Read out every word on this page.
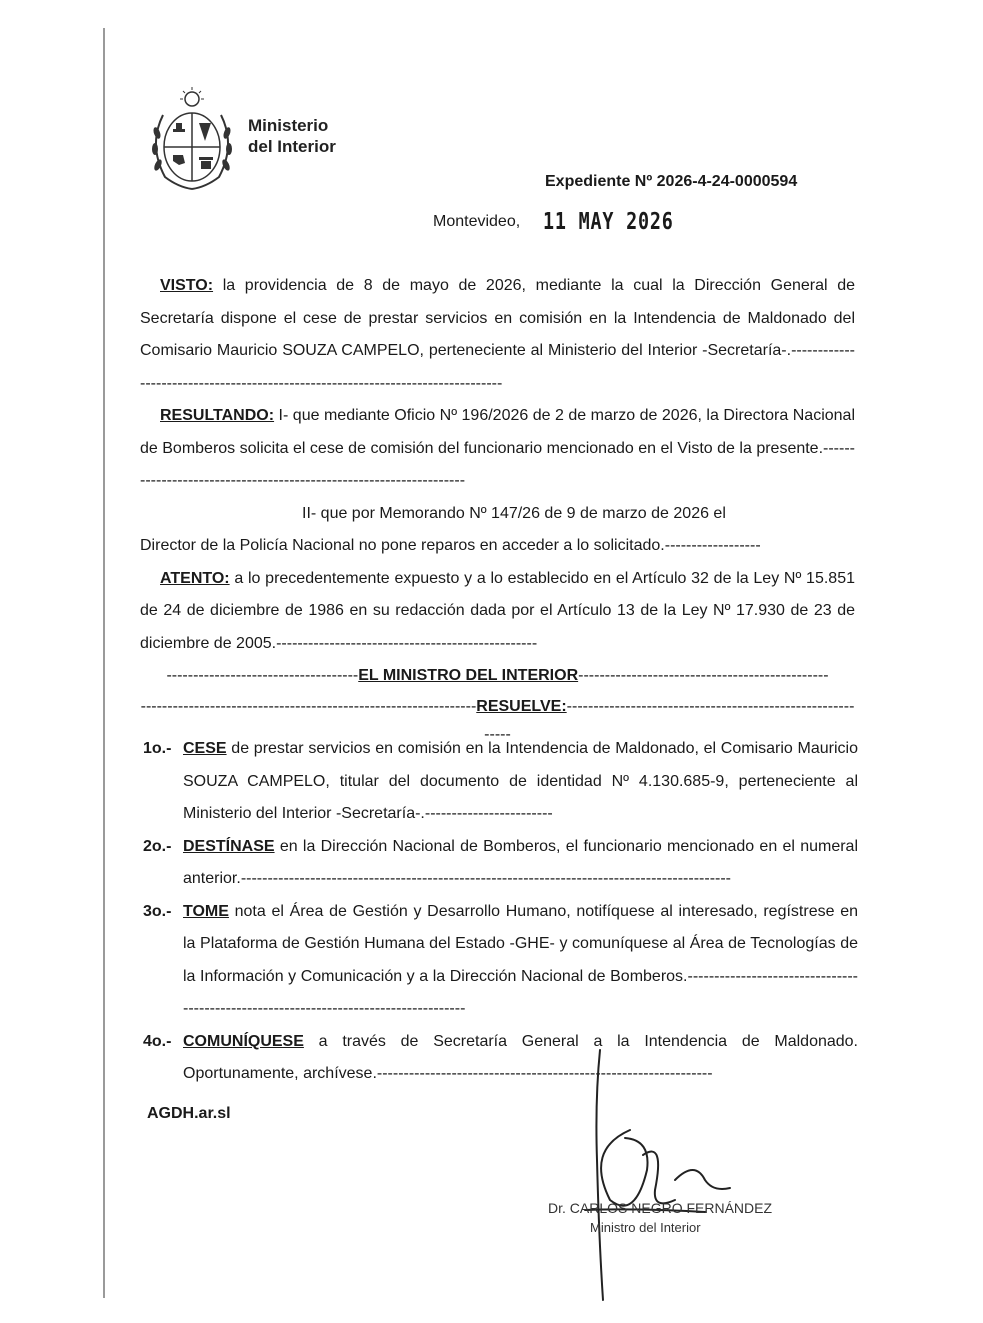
Ministerio
del Interior
Expediente Nº 2026-4-24-0000594
Montevideo, 11 MAY 2026

VISTO: la providencia de 8 de mayo de 2026, mediante la cual la Dirección General de Secretaría dispone el cese de prestar servicios en comisión en la Intendencia de Maldonado del Comisario Mauricio SOUZA CAMPELO, perteneciente al Ministerio del Interior -Secretaría-.--------------------------------------------------------------------------------

RESULTANDO: I- que mediante Oficio Nº 196/2026 de 2 de marzo de 2026, la Directora Nacional de Bomberos solicita el cese de comisión del funcionario mencionado en el Visto de la presente.-------------------------------------------------------------------

II- que por Memorando Nº 147/26 de 9 de marzo de 2026 el

Director de la Policía Nacional no pone reparos en acceder a lo solicitado.------------------

ATENTO: a lo precedentemente expuesto y a lo establecido en el Artículo 32 de la Ley Nº 15.851 de 24 de diciembre de 1986 en su redacción dada por el Artículo 13 de la Ley Nº 17.930 de 23 de diciembre de 2005.-------------------------------------------------

------------------------------------EL MINISTRO DEL INTERIOR-----------------------------------------------

---------------------------------------------------------------RESUELVE:-----------------------------------------------------------

1o.- CESE de prestar servicios en comisión en la Intendencia de Maldonado, el Comisario Mauricio SOUZA CAMPELO, titular del documento de identidad Nº 4.130.685-9, perteneciente al Ministerio del Interior -Secretaría-.------------------------
2o.- DESTÍNASE en la Dirección Nacional de Bomberos, el funcionario mencionado en el numeral anterior.--------------------------------------------------------------------------------------------
3o.- TOME nota el Área de Gestión y Desarrollo Humano, notifíquese al interesado, regístrese en la Plataforma de Gestión Humana del Estado -GHE- y comuníquese al Área de Tecnologías de la Información y Comunicación y a la Dirección Nacional de Bomberos.-------------------------------------------------------------------------------------
4o.- COMUNÍQUESE a través de Secretaría General a la Intendencia de Maldonado. Oportunamente, archívese.---------------------------------------------------------------
AGDH.ar.sl
Dr. CARLOS NEGRO FERNÁNDEZ
Ministro del Interior
